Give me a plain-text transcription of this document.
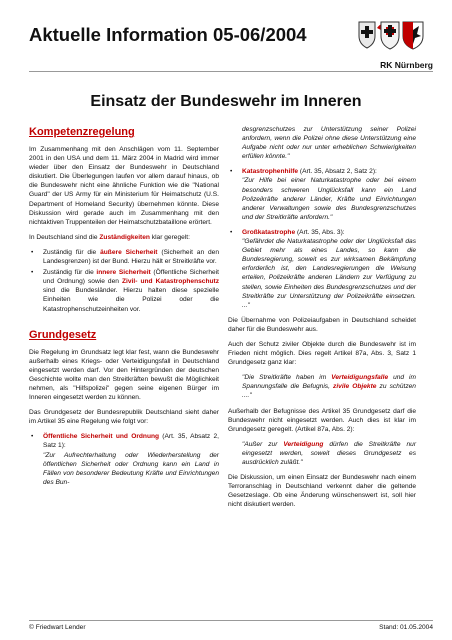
Aktuelle Information 05-06/2004
RK Nürnberg
Einsatz der Bundeswehr im Inneren
Kompetenzregelung

Im Zusammenhang mit den Anschlägen vom 11. September 2001 in den USA und dem 11. März 2004 in Madrid wird immer wieder über den Einsatz der Bundeswehr in Deutschland diskutiert. Die Überlegungen laufen vor allem darauf hinaus, ob die Bundeswehr nicht eine ähnliche Funktion wie die "National Guard" der US Army für ein Ministerium für Heimatschutz (U.S. Department of Homeland Security) übernehmen könnte. Diese Diskussion wird gerade auch im Zusammenhang mit den nichtaktiven Truppenteilen der Heimatschutzbataillone erörtert.

In Deutschland sind die Zuständigkeiten klar geregelt:

• Zuständig für die äußere Sicherheit (Sicherheit an den Landesgrenzen) ist der Bund. Hierzu hält er Streitkräfte vor.
• Zuständig für die innere Sicherheit (Öffentliche Sicherheit und Ordnung) sowie den Zivil- und Katastrophenschutz sind die Bundesländer. Hierzu halten diese spezielle Einheiten wie die Polizei oder die Katastrophenschutzeinheiten vor.
Grundgesetz

Die Regelung im Grundsatz legt klar fest, wann die Bundeswehr außerhalb eines Kriegs- oder Verteidigungsfall in Deutschland eingesetzt werden darf. Vor den Hintergründen der deutschen Geschichte wollte man den Streitkräften bewußt die Möglichkeit nehmen, als "Hilfspolizei" gegen seine eigenen Bürger im Inneren eingesetzt werden zu können.

Das Grundgesetz der Bundesrepublik Deutschland sieht daher im Artikel 35 eine Regelung wie folgt vor:

• Öffentliche Sicherheit und Ordnung (Art. 35, Absatz 2, Satz 1):
"Zur Aufrechterhaltung oder Wiederherstellung der öffentlichen Sicherheit oder Ordnung kann ein Land in Fällen von besonderer Bedeutung Kräfte und Einrichtungen des Bun-

desgrenzschutzes zur Unterstützung seiner Polizei anfordern, wenn die Polizei ohne diese Unterstützung eine Aufgabe nicht oder nur unter erheblichen Schwierigkeiten erfüllen könnte."

• Katastrophenhilfe (Art. 35, Absatz 2, Satz 2):
"Zur Hilfe bei einer Naturkatastrophe oder bei einem besonders schweren Unglücksfall kann ein Land Polizeikräfte anderer Länder, Kräfte und Einrichtungen anderer Verwaltungen sowie des Bundesgrenzschutzes und der Streitkräfte anfordern."
• Großkatastrophe (Art. 35, Abs. 3):
"Gefährdet die Naturkatastrophe oder der Unglücksfall das Gebiet mehr als eines Landes, so kann die Bundesregierung, soweit es zur wirksamen Bekämpfung erforderlich ist, den Landesregierungen die Weisung erteilen, Polizeikräfte anderen Ländern zur Verfügung zu stellen, sowie Einheiten des Bundesgrenzschutzes und der Streitkräfte zur Unterstützung der Polizeikräfte einsetzen. ..."

Die Übernahme von Polizeiaufgaben in Deutschland scheidet daher für die Bundeswehr aus.

Auch der Schutz ziviler Objekte durch die Bundeswehr ist im Frieden nicht möglich. Dies regelt Artikel 87a, Abs. 3, Satz 1 Grundgesetz ganz klar:

"Die Streitkräfte haben im Verteidigungsfalle und im Spannungsfalle die Befugnis, zivile Objekte zu schützen ...."

Außerhalb der Befugnisse des Artikel 35 Grundgesetz darf die Bundeswehr nicht eingesetzt werden. Auch dies ist klar im Grundgesetz geregelt. (Artikel 87a, Abs. 2):

"Außer zur Verteidigung dürfen die Streitkräfte nur eingesetzt werden, soweit dieses Grundgesetz es ausdrücklich zuläßt."

Die Diskussion, um einen Einsatz der Bundeswehr nach einem Terroranschlag in Deutschland verkennt daher die geltende Gesetzeslage. Ob eine Änderung wünschenswert ist, soll hier nicht diskutiert werden.

© Friedwart Lender	Stand: 01.05.2004
